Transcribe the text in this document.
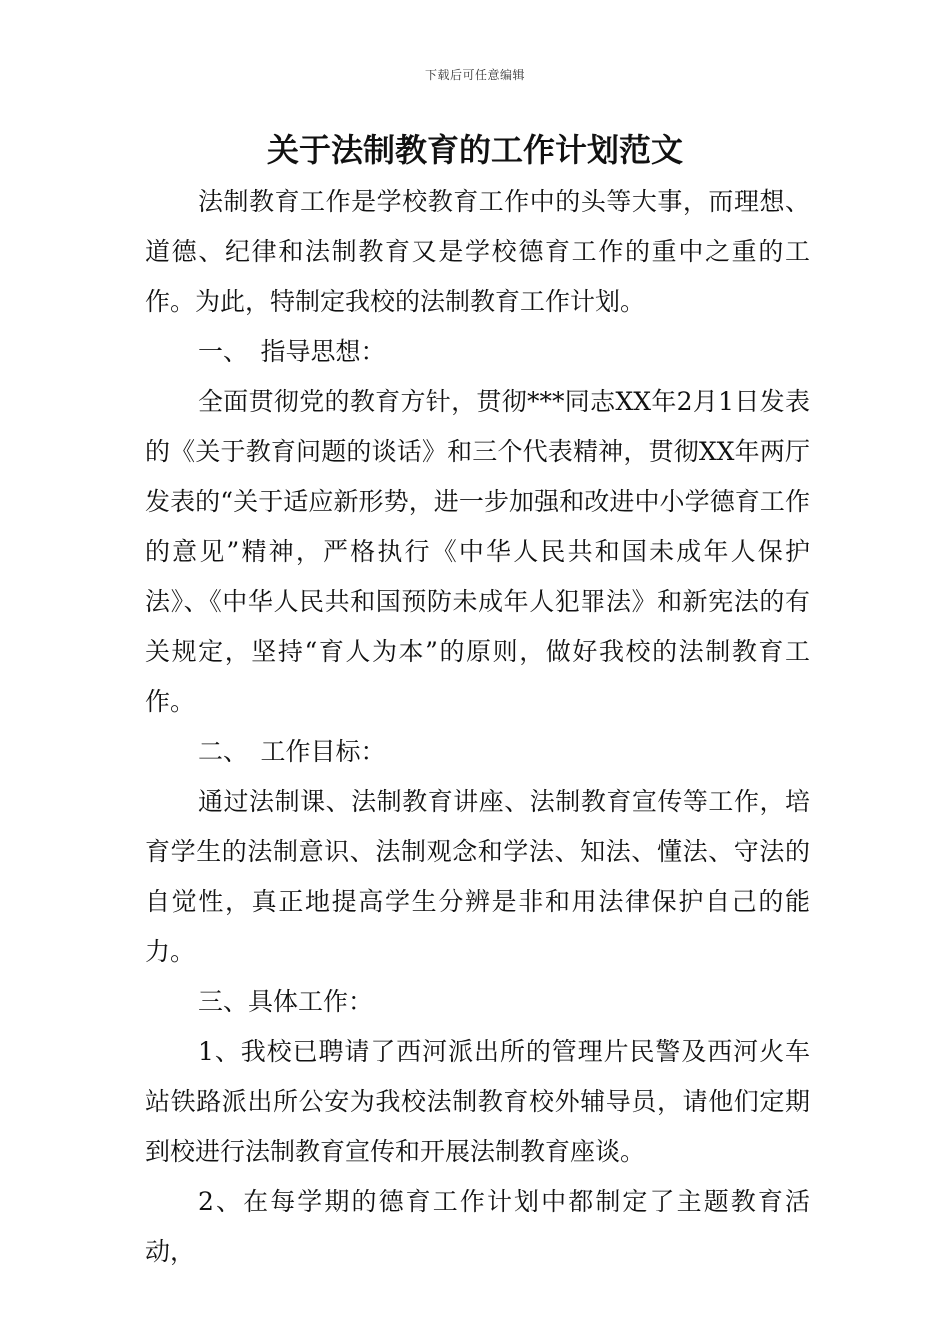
下载后可任意编辑
关于法制教育的工作计划范文

法制教育工作是学校教育工作中的头等大事，而理想、道德、纪律和法制教育又是学校德育工作的重中之重的工作。为此，特制定我校的法制教育工作计划。

一、　指导思想：

全面贯彻党的教育方针，贯彻***同志XX年2月1日发表的《关于教育问题的谈话》和三个代表精神，贯彻XX年两厅发表的“关于适应新形势，进一步加强和改进中小学德育工作的意见”精神，严格执行《中华人民共和国未成年人保护法》、《中华人民共和国预防未成年人犯罪法》和新宪法的有关规定，坚持“育人为本”的原则，做好我校的法制教育工作。

二、　工作目标：

通过法制课、法制教育讲座、法制教育宣传等工作，培育学生的法制意识、法制观念和学法、知法、懂法、守法的自觉性，真正地提高学生分辨是非和用法律保护自己的能力。

三、具体工作：

1、我校已聘请了西河派出所的管理片民警及西河火车站铁路派出所公安为我校法制教育校外辅导员，请他们定期到校进行法制教育宣传和开展法制教育座谈。

2、在每学期的德育工作计划中都制定了主题教育活动，
